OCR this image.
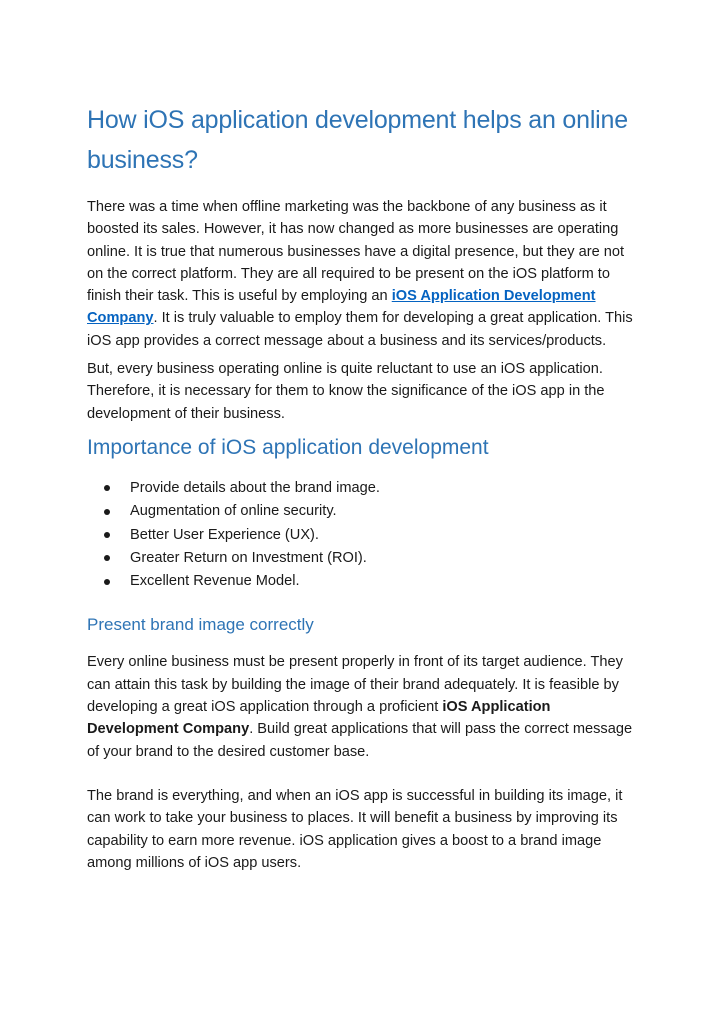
How iOS application development helps an online business?

There was a time when offline marketing was the backbone of any business as it boosted its sales. However, it has now changed as more businesses are operating online. It is true that numerous businesses have a digital presence, but they are not on the correct platform. They are all required to be present on the iOS platform to finish their task. This is useful by employing an iOS Application Development Company. It is truly valuable to employ them for developing a great application. This iOS app provides a correct message about a business and its services/products.

But, every business operating online is quite reluctant to use an iOS application. Therefore, it is necessary for them to know the significance of the iOS app in the development of their business.

Importance of iOS application development
Provide details about the brand image.
Augmentation of online security.
Better User Experience (UX).
Greater Return on Investment (ROI).
Excellent Revenue Model.
Present brand image correctly

Every online business must be present properly in front of its target audience. They can attain this task by building the image of their brand adequately. It is feasible by developing a great iOS application through a proficient iOS Application Development Company. Build great applications that will pass the correct message of your brand to the desired customer base.

The brand is everything, and when an iOS app is successful in building its image, it can work to take your business to places. It will benefit a business by improving its capability to earn more revenue. iOS application gives a boost to a brand image among millions of iOS app users.
